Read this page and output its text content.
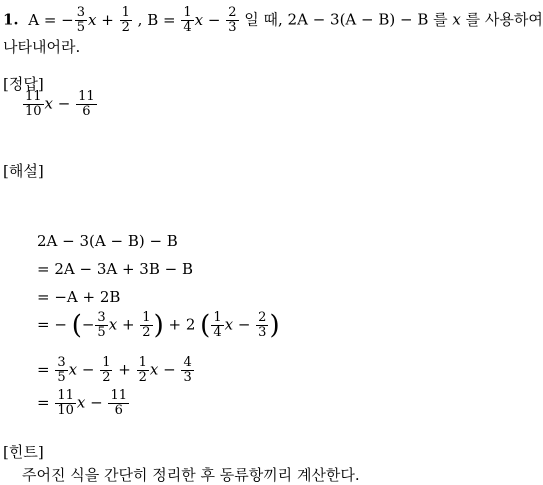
1. A = − $\frac{3}{5}$ $x + \frac{1}{2}$ , $B = \frac{1}{4}$ $x - \frac{2}{3}$ 일 때, 2A − 3(A − B) − B 를 x 를 사용하여
나타내어라.
[정답]
$\frac{11}{10}$ $x - \frac{11}{6}$
[해설]
2A − 3(A − B) − B
= 2A − 3A + 3B − B
= −A + 2B
= − (− $\frac{3}{5}$ $x + \frac{1}{2}$ ) + 2 ( $\frac{1}{4}$ $x - \frac{2}{3}$ )
= $\frac{3}{5}$ $x - \frac{1}{2} + \frac{1}{2}$ $x - \frac{4}{3}$
= $\frac{11}{10}$ $x - \frac{11}{6}$
[힌트]
주어진 식을 간단히 정리한 후 동류항끼리 계산한다.
